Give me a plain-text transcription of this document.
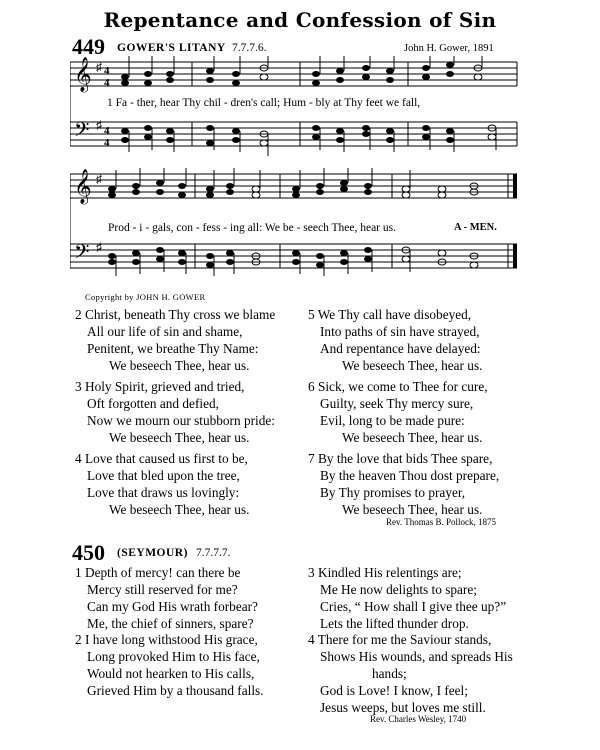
Repentance and Confession of Sin
449 GOWER'S LITANY 7.7.7.6.	John H. Gower, 1891
𝄞
𝄢
♯
♯
4
4
4
4
1 Fa - ther, hear Thy chil - dren's call; Hum - bly at Thy feet we fall,
𝄞
𝄢
♯
♯
Prod - i - gals, con - fess - ing all: We be - seech Thee, hear us.	A - MEN.
Copyright by JOHN H. GOWER
2 Christ, beneath Thy cross we blame
All our life of sin and shame,
Penitent, we breathe Thy Name:
We beseech Thee, hear us.
3 Holy Spirit, grieved and tried,
Oft forgotten and defied,
Now we mourn our stubborn pride:
We beseech Thee, hear us.
4 Love that caused us first to be,
Love that bled upon the tree,
Love that draws us lovingly:
We beseech Thee, hear us.
5 We Thy call have disobeyed,
Into paths of sin have strayed,
And repentance have delayed:
We beseech Thee, hear us.
6 Sick, we come to Thee for cure,
Guilty, seek Thy mercy sure,
Evil, long to be made pure:
We beseech Thee, hear us.
7 By the love that bids Thee spare,
By the heaven Thou dost prepare,
By Thy promises to prayer,
We beseech Thee, hear us.
Rev. Thomas B. Pollock, 1875
450 (SEYMOUR) 7.7.7.7.
1 Depth of mercy! can there be
Mercy still reserved for me?
Can my God His wrath forbear?
Me, the chief of sinners, spare?
2 I have long withstood His grace,
Long provoked Him to His face,
Would not hearken to His calls,
Grieved Him by a thousand falls.
3 Kindled His relentings are;
Me He now delights to spare;
Cries, “ How shall I give thee up?”
Lets the lifted thunder drop.
4 There for me the Saviour stands,
Shows His wounds, and spreads His
hands;
God is Love! I know, I feel;
Jesus weeps, but loves me still.
Rev. Charles Wesley, 1740
